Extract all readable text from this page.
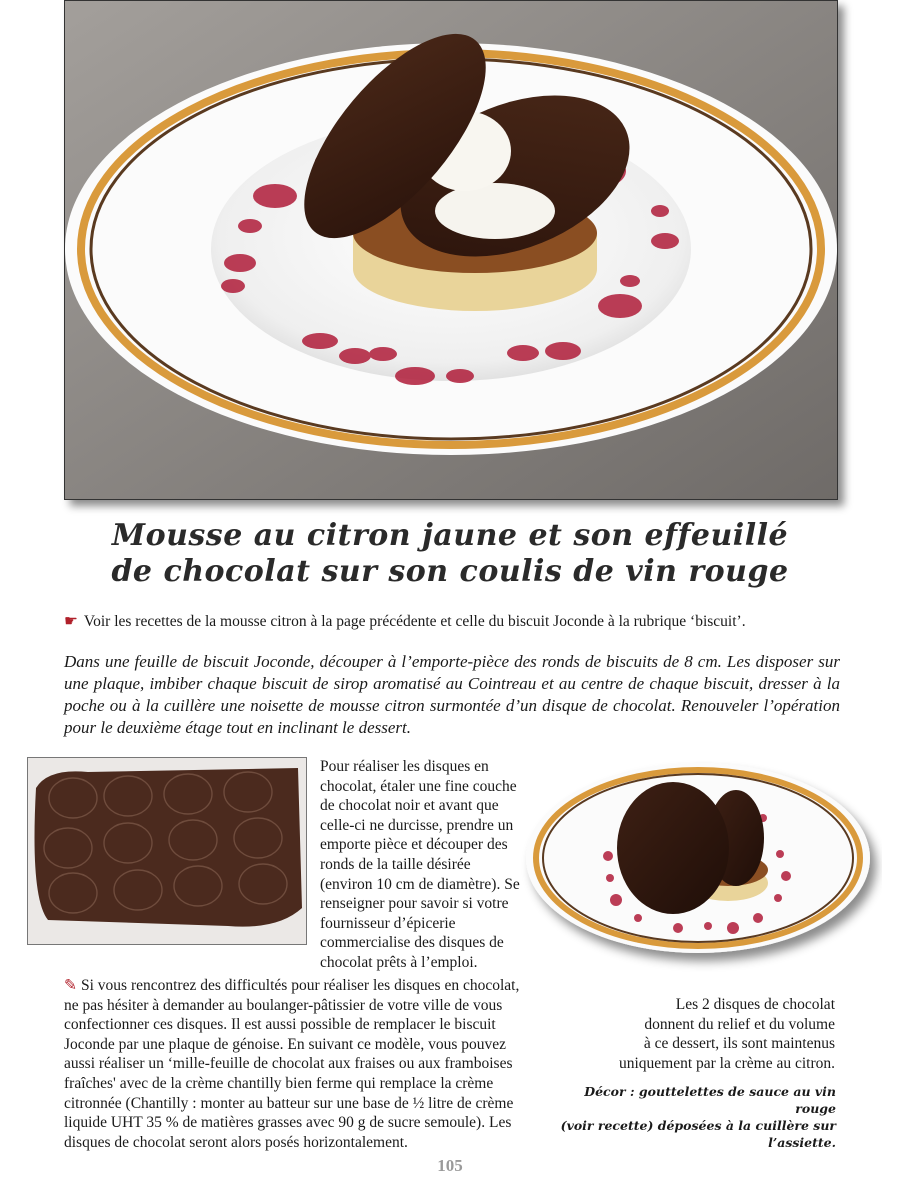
Mousse au citron jaune et son effeuillé
de chocolat sur son coulis de vin rouge
☛ Voir les recettes de la mousse citron à la page précédente et celle du biscuit Joconde à la rubrique ‘biscuit’.
Dans une feuille de biscuit Joconde, découper à l’emporte-pièce des ronds de biscuits de 8 cm. Les disposer sur une plaque, imbiber chaque biscuit de sirop aromatisé au Cointreau et au centre de chaque biscuit, dresser à la poche ou à la cuillère une noisette de mousse citron surmontée d’un disque de chocolat. Renouveler l’opération pour le deuxième étage tout en inclinant le dessert.
Pour réaliser les disques en chocolat, étaler une fine couche de chocolat noir et avant que celle-ci ne durcisse, prendre un emporte pièce et découper des ronds de la taille désirée (environ 10 cm de diamètre). Se renseigner pour savoir si votre fournisseur d’épicerie commercialise des disques de chocolat prêts à l’emploi.
✎ Si vous rencontrez des difficultés pour réaliser les disques en chocolat, ne pas hésiter à demander au boulanger-pâtissier de votre ville de vous confectionner ces disques. Il est aussi possible de remplacer le biscuit Joconde par une plaque de génoise. En suivant ce modèle, vous pouvez aussi réaliser un ‘mille-feuille de chocolat aux fraises ou aux framboises fraîches' avec de la crème chantilly bien ferme qui remplace la crème citronnée (Chantilly : monter au batteur sur une base de ½ litre de crème liquide UHT 35 % de matières grasses avec 90 g de sucre semoule). Les disques de chocolat seront alors posés horizontalement.
Les 2 disques de chocolat
donnent du relief et du volume
à ce dessert, ils sont maintenus
uniquement par la crème au citron.
Décor : gouttelettes de sauce au vin rouge
(voir recette) déposées à la cuillère sur l’assiette.
105
